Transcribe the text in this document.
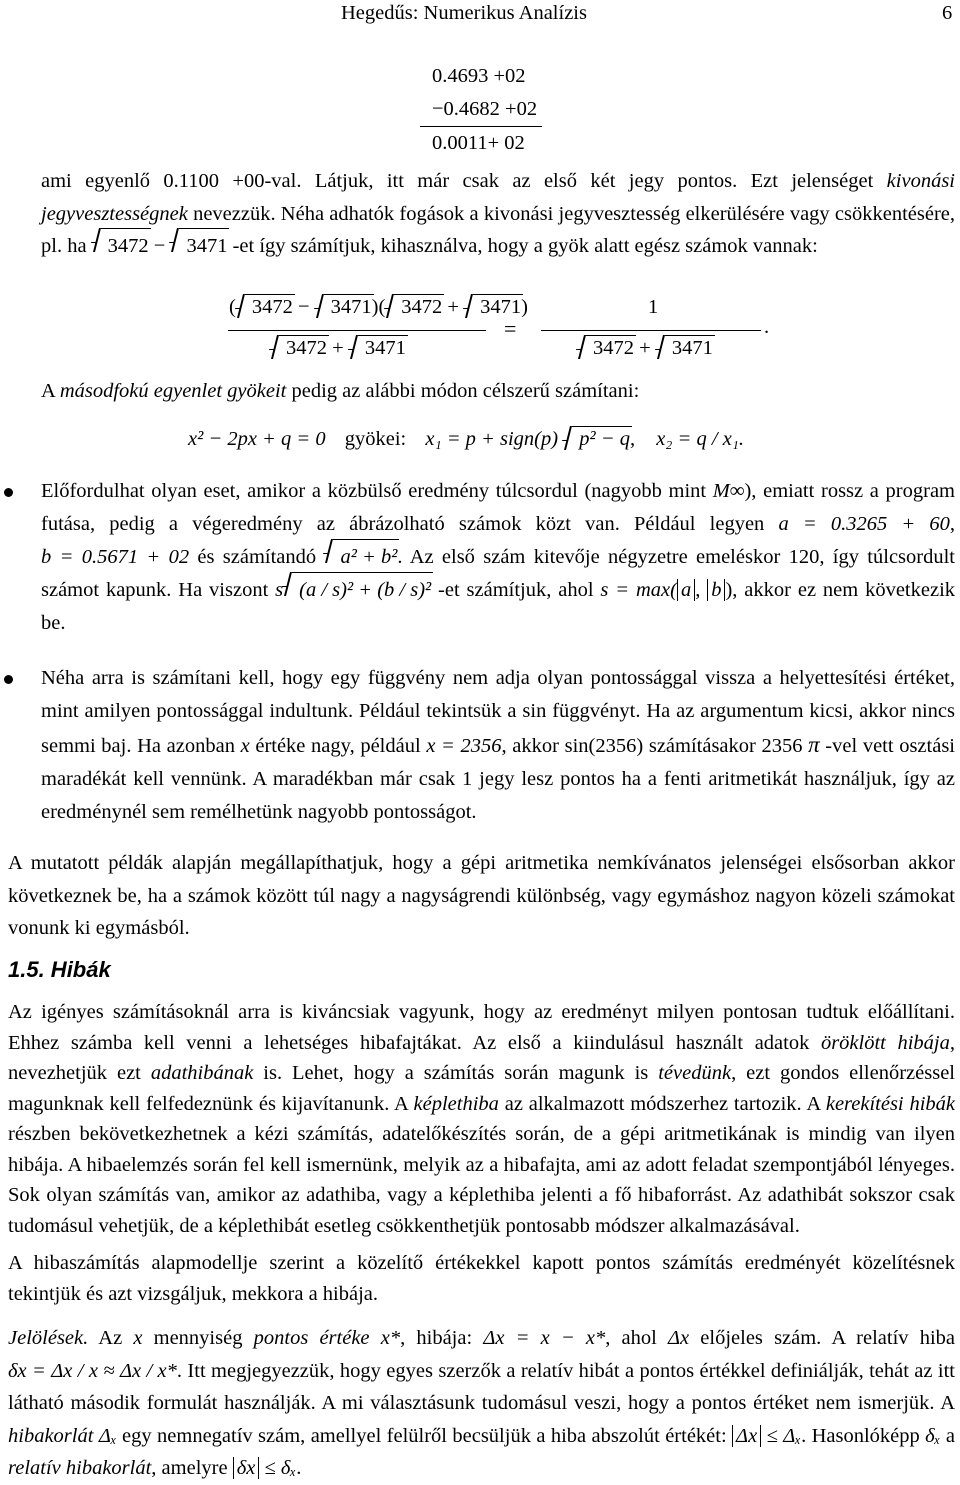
Hegedűs: Numerikus Analízis	6
0.4693 +02
−0.4682 +02
0.0011+ 02
ami egyenlő 0.1100 +00-val. Látjuk, itt már csak az első két jegy pontos. Ezt jelenséget kivonási jegyvesztességnek nevezzük. Néha adhatók fogások a kivonási jegyvesztesség elkerülésére vagy csökkentésére, pl. ha
3472 −
3471 -et így számítjuk, kihasználva, hogy a gyök alatt egész számok vannak:
( 3472 −
3471)( 3472 +
3471)
3472 +
3471
=
1
3472 +
3471
.
A másodfokú egyenlet gyökeit pedig az alábbi módon célszerű számítani:
x² − 2px + q = 0 gyökei: x₁ = p + sign(p) p² − q, x₂ = q / x₁.
Előfordulhat olyan eset, amikor a közbülső eredmény túlcsordul (nagyobb mint M∞), emiatt rossz a program futása, pedig a végeredmény az ábrázolható számok közt van. Például legyen a = 0.3265 + 60, b = 0.5671 + 02 és számítandó
a² + b². Az első szám kitevője négyzetre emeléskor 120, így túlcsordult számot kapunk. Ha viszont s (a / s)² + (b / s)² -et számítjuk, ahol s = max( a , b ), akkor ez nem következik be.
Néha arra is számítani kell, hogy egy függvény nem adja olyan pontossággal vissza a helyettesítési értéket, mint amilyen pontossággal indultunk. Például tekintsük a sin függvényt. Ha az argumentum kicsi, akkor nincs semmi baj. Ha azonban x értéke nagy, például x = 2356, akkor sin(2356) számításakor 2356 π -vel vett osztási maradékát kell vennünk. A maradékban már csak 1 jegy lesz pontos ha a fenti aritmetikát használjuk, így az eredménynél sem remélhetünk nagyobb pontosságot.
A mutatott példák alapján megállapíthatjuk, hogy a gépi aritmetika nemkívánatos jelenségei elsősorban akkor következnek be, ha a számok között túl nagy a nagyságrendi különbség, vagy egymáshoz nagyon közeli számokat vonunk ki egymásból.
1.5. Hibák
Az igényes számításoknál arra is kiváncsiak vagyunk, hogy az eredményt milyen pontosan tudtuk előállítani. Ehhez számba kell venni a lehetséges hibafajtákat. Az első a kiindulásul használt adatok öröklött hibája, nevezhetjük ezt adathibának is. Lehet, hogy a számítás során magunk is tévedünk, ezt gondos ellenőrzéssel magunknak kell felfedeznünk és kijavítanunk. A képlethiba az alkalmazott módszerhez tartozik. A kerekítési hibák részben bekövetkezhetnek a kézi számítás, adatelőkészítés során, de a gépi aritmetikának is mindig van ilyen hibája. A hibaelemzés során fel kell ismernünk, melyik az a hibafajta, ami az adott feladat szempontjából lényeges. Sok olyan számítás van, amikor az adathiba, vagy a képlethiba jelenti a fő hibaforrást. Az adathibát sokszor csak tudomásul vehetjük, de a képlethibát esetleg csökkenthetjük pontosabb módszer alkalmazásával.
A hibaszámítás alapmodellje szerint a közelítő értékekkel kapott pontos számítás eredményét közelítésnek tekintjük és azt vizsgáljuk, mekkora a hibája.
Jelölések. Az x mennyiség pontos értéke x*, hibája: Δx = x − x*, ahol Δx előjeles szám. A relatív hiba δx = Δx / x ≈ Δx / x*. Itt megjegyezzük, hogy egyes szerzők a relatív hibát a pontos értékkel definiálják, tehát az itt látható második formulát használják. A mi választásunk tudomásul veszi, hogy a pontos értéket nem ismerjük. A hibakorlát Δₓ egy nemnegatív szám, amellyel felülről becsüljük a hiba abszolút értékét: Δx ≤ Δₓ. Hasonlóképp δₓ a relatív hibakorlát, amelyre δx ≤ δₓ.
